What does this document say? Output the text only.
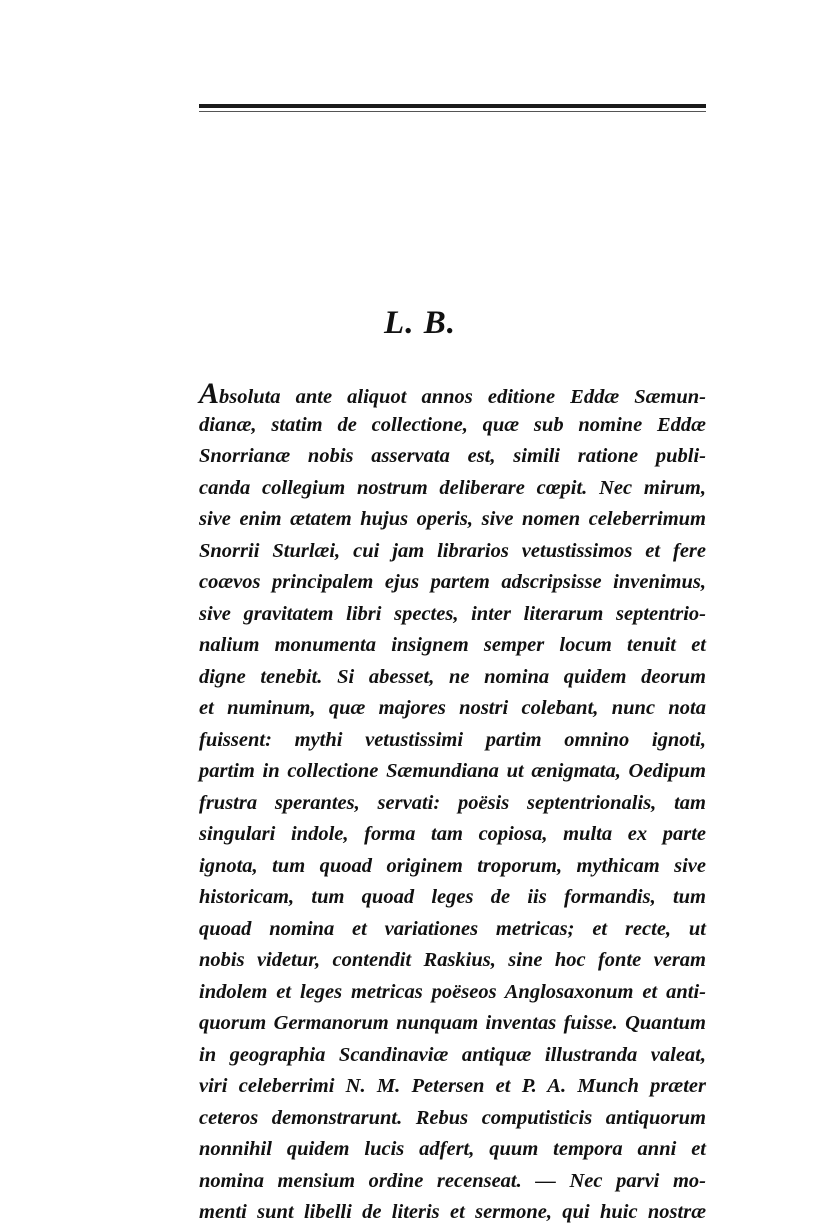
L. B.
Absoluta ante aliquot annos editione Eddæ Sæmun-
dianæ, statim de collectione, quæ sub nomine Eddæ
Snorrianæ nobis asservata est, simili ratione publi-
canda collegium nostrum deliberare cœpit. Nec mirum,
sive enim ætatem hujus operis, sive nomen celeberrimum
Snorrii Sturlæi, cui jam librarios vetustissimos et fere
coævos principalem ejus partem adscripsisse invenimus,
sive gravitatem libri spectes, inter literarum septentrio-
nalium monumenta insignem semper locum tenuit et
digne tenebit. Si abesset, ne nomina quidem deorum
et numinum, quæ majores nostri colebant, nunc nota
fuissent: mythi vetustissimi partim omnino ignoti,
partim in collectione Sæmundiana ut ænigmata, Oedipum
frustra sperantes, servati: poësis septentrionalis, tam
singulari indole, forma tam copiosa, multa ex parte
ignota, tum quoad originem troporum, mythicam sive
historicam, tum quoad leges de iis formandis, tum
quoad nomina et variationes metricas; et recte, ut
nobis videtur, contendit Raskius, sine hoc fonte veram
indolem et leges metricas poëseos Anglosaxonum et anti-
quorum Germanorum nunquam inventas fuisse. Quantum
in geographia Scandinaviæ antiquæ illustranda valeat,
viri celeberrimi N. M. Petersen et P. A. Munch præter
ceteros demonstrarunt. Rebus computisticis antiquorum
nonnihil quidem lucis adfert, quum tempora anni et
nomina mensium ordine recenseat. — Nec parvi mo-
menti sunt libelli de literis et sermone, qui huic nostræ
